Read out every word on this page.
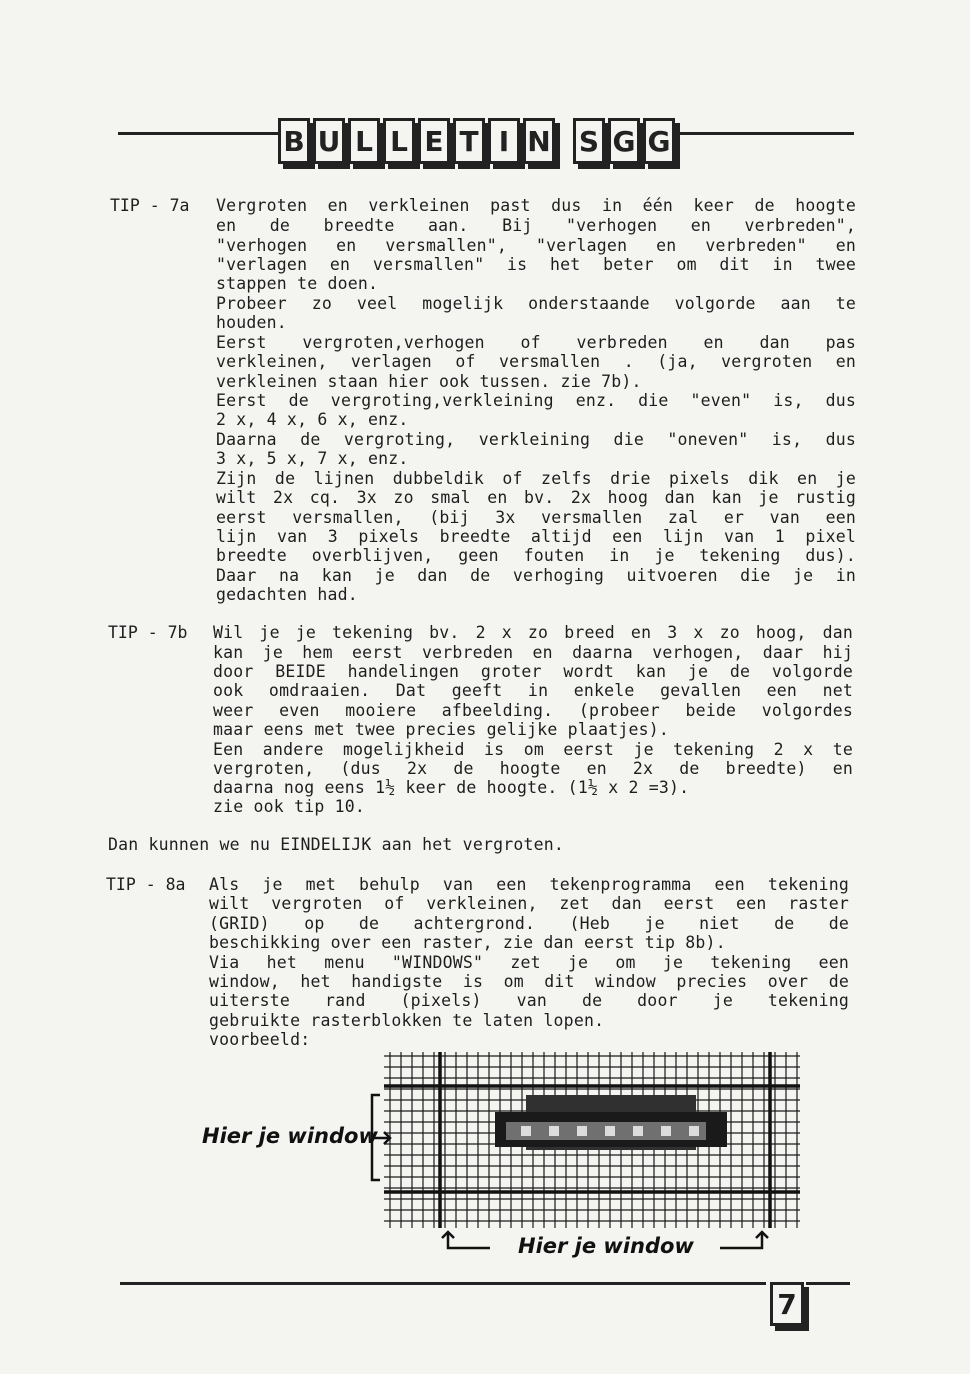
B U L L E T I N S G G
TIP - 7a Vergroten en verkleinen past dus in één keer de hoogte
en de breedte aan. Bij "verhogen en verbreden",
"verhogen en versmallen", "verlagen en verbreden" en
"verlagen en versmallen" is het beter om dit in twee
stappen te doen.
Probeer zo veel mogelijk onderstaande volgorde aan te
houden.
Eerst vergroten,verhogen of verbreden en dan pas
verkleinen, verlagen of versmallen . (ja, vergroten en
verkleinen staan hier ook tussen. zie 7b).
Eerst de vergroting,verkleining enz. die "even" is, dus
2 x, 4 x, 6 x, enz.
Daarna de vergroting, verkleining die "oneven" is, dus
3 x, 5 x, 7 x, enz.
Zijn de lijnen dubbeldik of zelfs drie pixels dik en je
wilt 2x cq. 3x zo smal en bv. 2x hoog dan kan je rustig
eerst versmallen, (bij 3x versmallen zal er van een
lijn van 3 pixels breedte altijd een lijn van 1 pixel
breedte overblijven, geen fouten in je tekening dus).
Daar na kan je dan de verhoging uitvoeren die je in
gedachten had.
TIP - 7b Wil je je tekening bv. 2 x zo breed en 3 x zo hoog, dan
kan je hem eerst verbreden en daarna verhogen, daar hij
door BEIDE handelingen groter wordt kan je de volgorde
ook omdraaien. Dat geeft in enkele gevallen een net
weer even mooiere afbeelding. (probeer beide volgordes
maar eens met twee precies gelijke plaatjes).
Een andere mogelijkheid is om eerst je tekening 2 x te
vergroten, (dus 2x de hoogte en 2x de breedte) en
daarna nog eens 1½ keer de hoogte. (1½ x 2 =3).
zie ook tip 10.
Dan kunnen we nu EINDELIJK aan het vergroten.
TIP - 8a Als je met behulp van een tekenprogramma een tekening
wilt vergroten of verkleinen, zet dan eerst een raster
(GRID) op de achtergrond. (Heb je niet de de
beschikking over een raster, zie dan eerst tip 8b).
Via het menu "WINDOWS" zet je om je tekening een
window, het handigste is om dit window precies over de
uiterste rand (pixels) van de door je tekening
gebruikte rasterblokken te laten lopen.
voorbeeld:
Hier je window
Hier je window
7
